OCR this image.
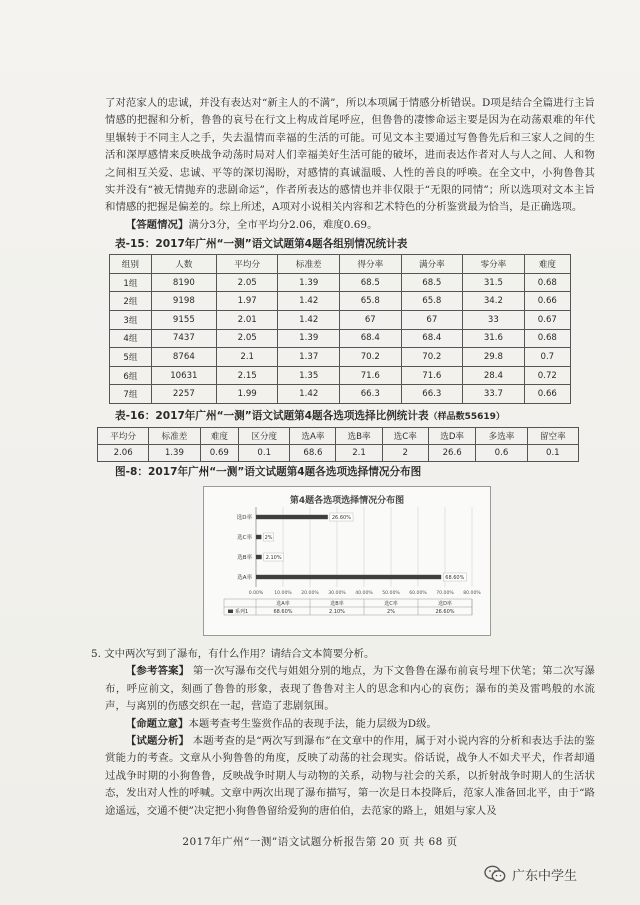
了对范家人的忠诚，并没有表达对“新主人的不满”，所以本项属于情感分析错误。D项是结合全篇进行主旨情感的把握和分析，鲁鲁的哀号在行文上构成首尾呼应，但鲁鲁的凄惨命运主要是因为在动荡艰难的年代里辗转于不同主人之手，失去温情而幸福的生活的可能。可见文本主要通过写鲁鲁先后和三家人之间的生活和深厚感情来反映战争动荡时局对人们幸福美好生活可能的破坏，进而表达作者对人与人之间、人和物之间相互关爱、忠诚、平等的深切渴盼，对感情的真诚温暖、人性的善良的呼唤。在全文中，小狗鲁鲁其实并没有“被无情抛弃的悲剧命运”，作者所表达的感情也并非仅限于“无限的同情”；所以选项对文本主旨和情感的把握是偏差的。综上所述，A项对小说相关内容和艺术特色的分析鉴赏最为恰当，是正确选项。

【答题情况】满分3分，全市平均分2.06，难度0.69。

表-15：2017年广州“一测”语文试题第4题各组别情况统计表
组别	人数	平均分	标准差	得分率	满分率	零分率	难度
1组	8190	2.05	1.39	68.5	68.5	31.5	0.68
2组	9198	1.97	1.42	65.8	65.8	34.2	0.66
3组	9155	2.01	1.42	67	67	33	0.67
4组	7437	2.05	1.39	68.4	68.4	31.6	0.68
5组	8764	2.1	1.37	70.2	70.2	29.8	0.7
6组	10631	2.15	1.35	71.6	71.6	28.4	0.72
7组	2257	1.99	1.42	66.3	66.3	33.7	0.66
表-16：2017年广州“一测”语文试题第4题各选项选择比例统计表（样品数55619）
平均分	标准差	难度	区分度	选A率	选B率	选C率	选D率	多选率	留空率
2.06	1.39	0.69	0.1	68.6	2.1	2	26.6	0.6	0.1
图-8：2017年广州“一测”语文试题第4题各选项选择情况分布图
第4题各选项选择情况分布图
0.00% 10.00% 20.00% 30.00% 40.00% 50.00% 60.00% 70.00% 80.00%
选D率	26.60%
选C率	2%
选B率	2.10%
选A率	68.60%
选A率
68.60%
选B率
2.10%
选C率
2%
选D率
26.60%
系列1

5. 文中两次写到了瀑布，有什么作用？请结合文本简要分析。

【参考答案】 第一次写瀑布交代与姐姐分别的地点，为下文鲁鲁在瀑布前哀号埋下伏笔；第二次写瀑布，呼应前文，刻画了鲁鲁的形象，表现了鲁鲁对主人的思念和内心的哀伤；瀑布的美及雷鸣般的水流声，与离别的伤感交织在一起，营造了悲剧氛围。

【命题立意】本题考查考生鉴赏作品的表现手法，能力层级为D级。

【试题分析】 本题考查的是“两次写到瀑布”在文章中的作用，属于对小说内容的分析和表达手法的鉴赏能力的考查。文章从小狗鲁鲁的角度，反映了动荡的社会现实。俗话说，战争人不如犬平犬，作者却通过战争时期的小狗鲁鲁，反映战争时期人与动物的关系，动物与社会的关系，以折射战争时期人的生活状态，发出对人性的呼喊。文章中两次出现了瀑布描写，第一次是日本投降后，范家人准备回北平，由于“路途遥远，交通不便”决定把小狗鲁鲁留给爱狗的唐伯伯，去范家的路上，姐姐与家人及

2017年广州“一测”语文试题分析报告第 20 页 共 68 页
广东中学生
